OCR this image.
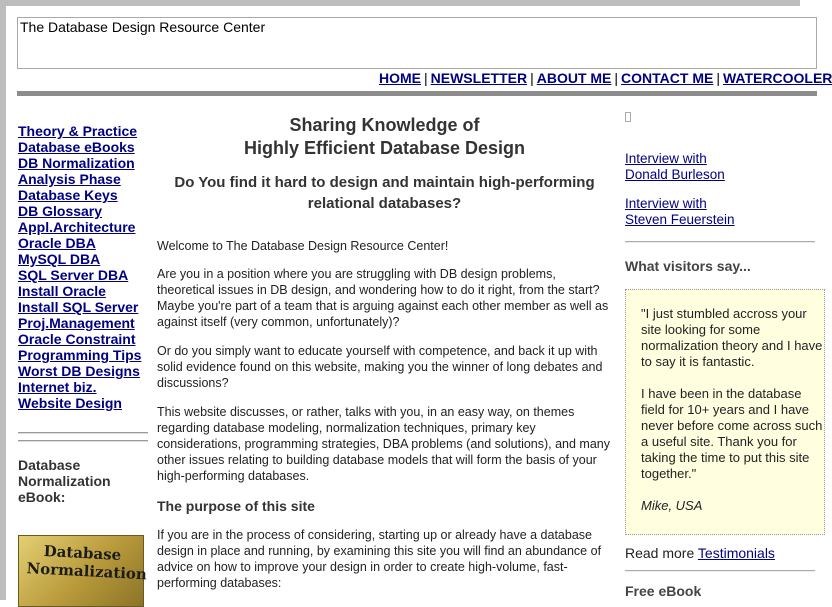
The Database Design Resource Center
HOME | NEWSLETTER | ABOUT ME | CONTACT ME | WATERCOOLER
Theory & Practice
Database eBooks
DB Normalization
Analysis Phase
Database Keys
DB Glossary
Appl.Architecture
Oracle DBA
MySQL DBA
SQL Server DBA
Install Oracle
Install SQL Server
Proj.Management
Oracle Constraint
Programming Tips
Worst DB Designs
Internet biz.
Website Design
Database Normalization eBook:
Database Normalization
Sharing Knowledge of
Highly Efficient Database Design
Do You find it hard to design and maintain high-performing relational databases?

Welcome to The Database Design Resource Center!

Are you in a position where you are struggling with DB design problems, theoretical issues in DB design, and wondering how to do it right, from the start? Maybe you're part of a team that is arguing against each other member as well as against itself (very common, unfortunately)?

Or do you simply want to educate yourself with competence, and back it up with solid evidence found on this website, making you the winner of long debates and discussions?

This website discusses, or rather, talks with you, in an easy way, on themes regarding database modeling, normalization techniques, primary key considerations, programming strategies, DBA problems (and solutions), and many other issues relating to building database models that will form the basis of your high-performing databases.

The purpose of this site

If you are in the process of considering, starting up or already have a database design in place and running, by examining this site you will find an abundance of advice on how to improve your design in order to create high-volume, fast-performing databases:

Interview with
Donald Burleson
Interview with
Steven Feuerstein
What visitors say...

"I just stumbled accross your site looking for some normalization theory and I have to say it is fantastic.

I have been in the database field for 10+ years and I have never before come across such a useful site. Thank you for taking the time to put this site together."

Mike, USA

Read more Testimonials
Free eBook
